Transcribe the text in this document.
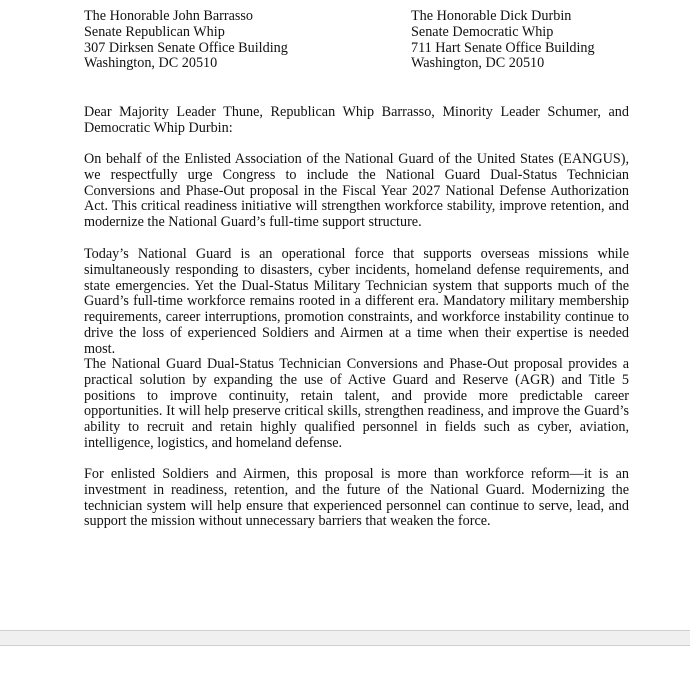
The Honorable John Barrasso
Senate Republican Whip
307 Dirksen Senate Office Building
Washington, DC 20510
The Honorable Dick Durbin
Senate Democratic Whip
711 Hart Senate Office Building
Washington, DC 20510
Dear Majority Leader Thune, Republican Whip Barrasso, Minority Leader Schumer, and Democratic Whip Durbin:
On behalf of the Enlisted Association of the National Guard of the United States (EANGUS), we respectfully urge Congress to include the National Guard Dual-Status Technician Conversions and Phase-Out proposal in the Fiscal Year 2027 National Defense Authorization Act. This critical readiness initiative will strengthen workforce stability, improve retention, and modernize the National Guard’s full-time support structure.
Today’s National Guard is an operational force that supports overseas missions while simultaneously responding to disasters, cyber incidents, homeland defense requirements, and state emergencies. Yet the Dual-Status Military Technician system that supports much of the Guard’s full-time workforce remains rooted in a different era. Mandatory military membership requirements, career interruptions, promotion constraints, and workforce instability continue to drive the loss of experienced Soldiers and Airmen at a time when their expertise is needed most.
The National Guard Dual-Status Technician Conversions and Phase-Out proposal provides a practical solution by expanding the use of Active Guard and Reserve (AGR) and Title 5 positions to improve continuity, retain talent, and provide more predictable career opportunities. It will help preserve critical skills, strengthen readiness, and improve the Guard’s ability to recruit and retain highly qualified personnel in fields such as cyber, aviation, intelligence, logistics, and homeland defense.
For enlisted Soldiers and Airmen, this proposal is more than workforce reform—it is an investment in readiness, retention, and the future of the National Guard. Modernizing the technician system will help ensure that experienced personnel can continue to serve, lead, and support the mission without unnecessary barriers that weaken the force.
